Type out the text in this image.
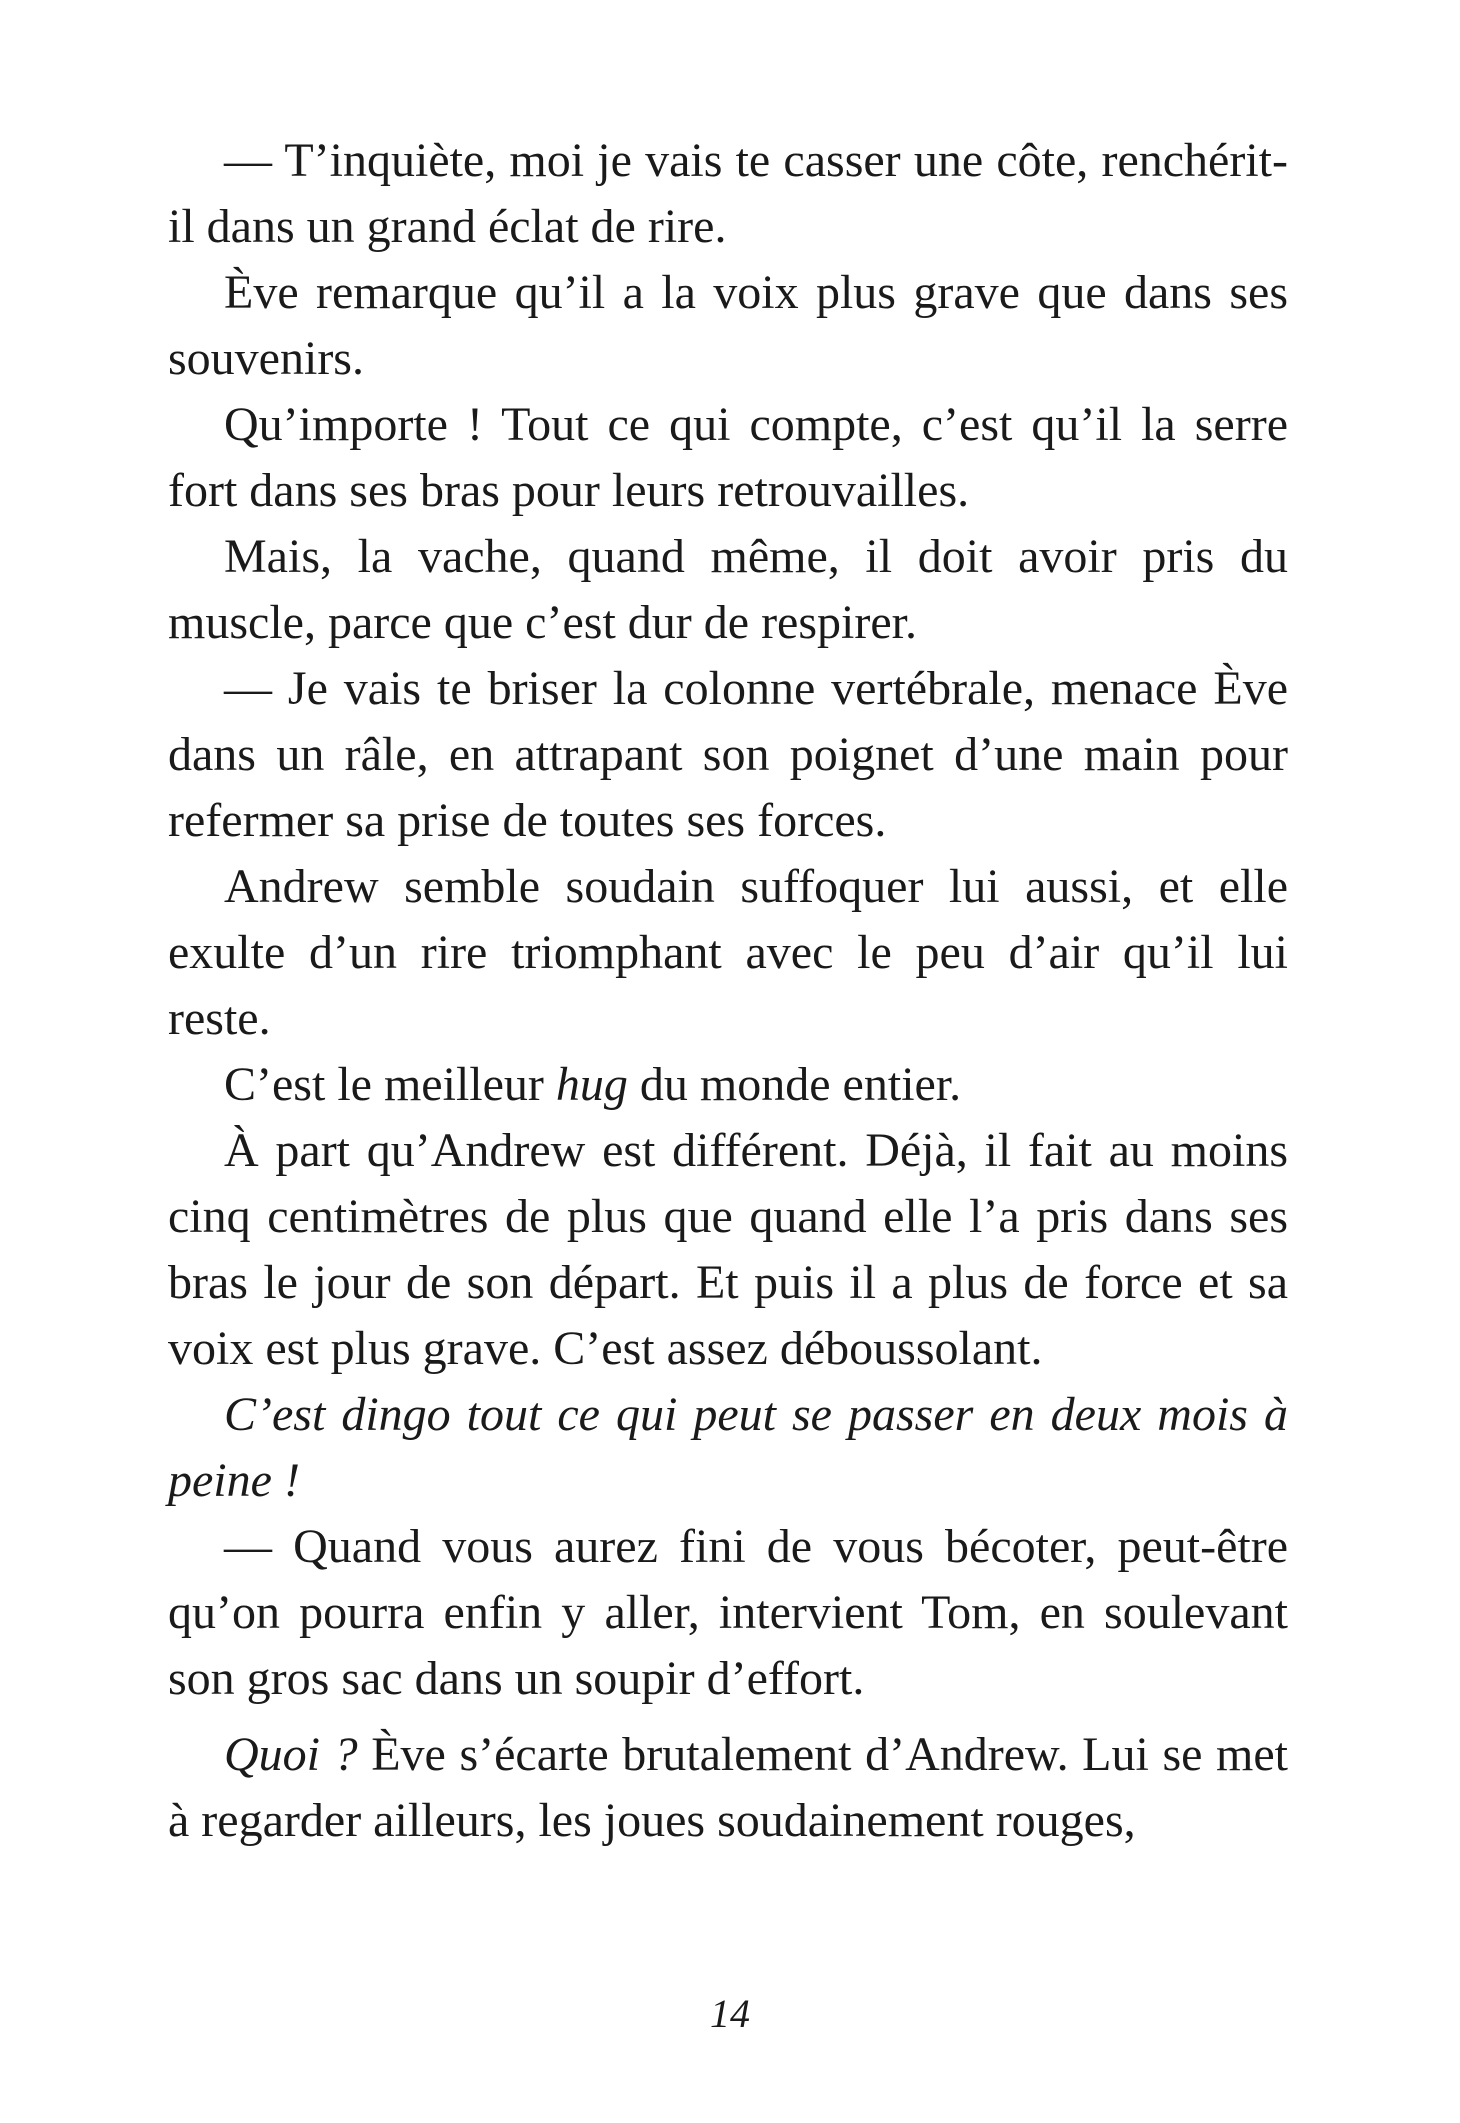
— T’inquiète, moi je vais te casser une côte, renchérit-il dans un grand éclat de rire.

Ève remarque qu’il a la voix plus grave que dans ses souvenirs.

Qu’importe ! Tout ce qui compte, c’est qu’il la serre fort dans ses bras pour leurs retrouvailles.

Mais, la vache, quand même, il doit avoir pris du muscle, parce que c’est dur de respirer.

— Je vais te briser la colonne vertébrale, menace Ève dans un râle, en attrapant son poignet d’une main pour refermer sa prise de toutes ses forces.

Andrew semble soudain suffoquer lui aussi, et elle exulte d’un rire triomphant avec le peu d’air qu’il lui reste.

C’est le meilleur hug du monde entier.

À part qu’Andrew est différent. Déjà, il fait au moins cinq centimètres de plus que quand elle l’a pris dans ses bras le jour de son départ. Et puis il a plus de force et sa voix est plus grave. C’est assez déboussolant.

C’est dingo tout ce qui peut se passer en deux mois à peine !

— Quand vous aurez fini de vous bécoter, peut-être qu’on pourra enfin y aller, intervient Tom, en soulevant son gros sac dans un soupir d’effort.

Quoi ? Ève s’écarte brutalement d’Andrew. Lui se met à regarder ailleurs, les joues soudainement rouges,

14
